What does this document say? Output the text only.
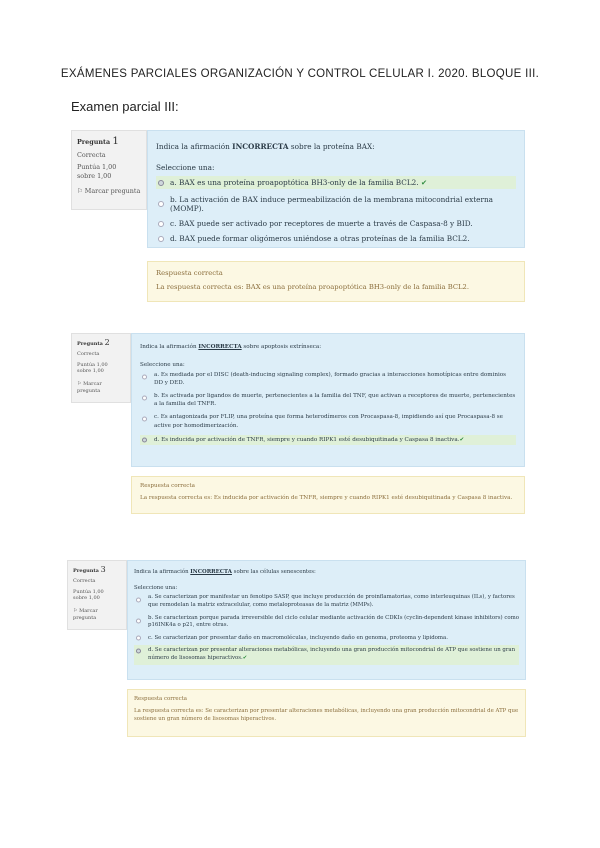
EXÁMENES PARCIALES ORGANIZACIÓN Y CONTROL CELULAR I. 2020. BLOQUE III.
Examen parcial III:
Pregunta 1
Correcta
Puntúa 1,00 sobre 1,00
⚐ Marcar pregunta
Indica la afirmación INCORRECTA sobre la proteína BAX:
Seleccione una:
a. BAX es una proteína proapoptótica BH3-only de la familia BCL2. ✔
b. La activación de BAX induce permeabilización de la membrana mitocondrial externa (MOMP).
c. BAX puede ser activado por receptores de muerte a través de Caspasa-8 y BID.
d. BAX puede formar oligómeros uniéndose a otras proteínas de la familia BCL2.
Respuesta correcta
La respuesta correcta es: BAX es una proteína proapoptótica BH3-only de la familia BCL2.
Pregunta 2
Correcta
Puntúa 1,00 sobre 1,00
⚐ Marcar pregunta
Indica la afirmación INCORRECTA sobre apoptosis extrínseca:
Seleccione una:
a. Es mediada por el DISC (death-inducing signaling complex), formado gracias a interacciones homotípicas entre dominios DD y DED.
b. Es activada por ligandos de muerte, pertenecientes a la familia del TNF, que activan a receptores de muerte, pertenecientes a la familia del TNFR.
c. Es antagonizada por FLIP, una proteína que forma heterodímeros con Procaspasa-8, impidiendo así que Procaspasa-8 se active por homodimerización.
d. Es inducida por activación de TNFR, siempre y cuando RIPK1 esté desubiquitinada y Caspasa 8 inactiva.✔
Respuesta correcta
La respuesta correcta es: Es inducida por activación de TNFR, siempre y cuando RIPK1 esté desubiquitinada y Caspasa 8 inactiva.
Pregunta 3
Correcta
Puntúa 1,00 sobre 1,00
⚐ Marcar pregunta
Indica la afirmación INCORRECTA sobre las células senescentes:
Seleccione una:
a. Se caracterizan por manifestar un fenotipo SASP, que incluye producción de proinflamatorias, como interleuquinas (ILs), y factores que remodelan la matriz extracelular, como metaloproteasas de la matriz (MMPs).
b. Se caracterizan porque parada irreversible del ciclo celular mediante activación de CDKIs (cyclin-dependent kinase inhibitors) como p16INK4a o p21, entre otras.
c. Se caracterizan por presentar daño en macromoléculas, incluyendo daño en genoma, proteoma y lipidoma.
d. Se caracterizan por presentar alteraciones metabólicas, incluyendo una gran producción mitocondrial de ATP que sostiene un gran número de lisosomas hiperactivos.✔
Respuesta correcta
La respuesta correcta es: Se caracterizan por presentar alteraciones metabólicas, incluyendo una gran producción mitocondrial de ATP que sostiene un gran número de lisosomas hiperactivos.
